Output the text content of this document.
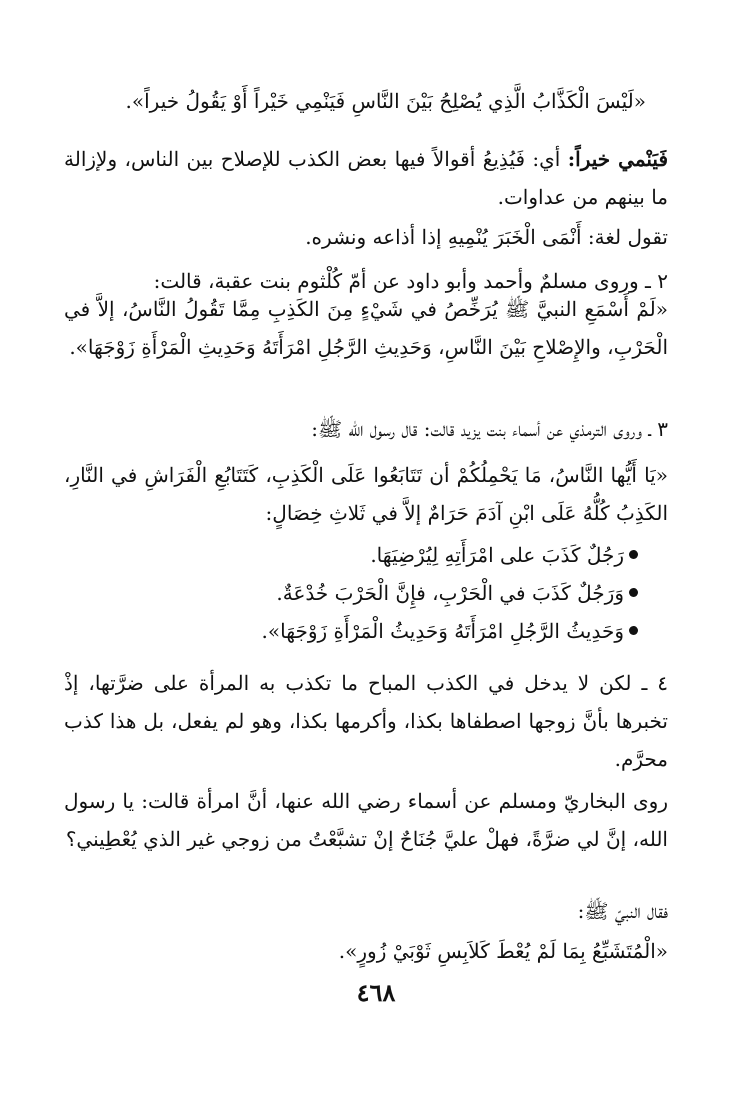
«لَيْسَ الْكَذَّابُ الَّذِي يُصْلِحُ بَيْنَ النَّاسِ فَيَنْمِي خَيْراً أَوْ يَقُولُ خيراً».
فَيَنْمي خيراً: أي: فَيُذِيعُ أقوالاً فيها بعض الكذب للإصلاح بين الناس، ولإزالة ما بينهم من عداوات.
تقول لغة: أَنْمَى الْخَبَرَ يُنْمِيهِ إذا أذاعه ونشره.
٢ ـ وروى مسلمٌ وأحمد وأبو داود عن أمّ كُلْثوم بنت عقبة، قالت:
«لَمْ أَسْمَعِ النبيَّ ﷺ يُرَخِّصُ في شَيْءٍ مِنَ الكَذِبِ مِمَّا تَقُولُ النَّاسُ، إلاَّ في الْحَرْبِ، والإِصْلاحِ بَيْنَ النَّاسِ، وَحَدِيثِ الرَّجُلِ امْرَأَتَهُ وَحَدِيثِ الْمَرْأَةِ زَوْجَهَا».
٣ ـ وروى الترمذي عن أسماء بنت يزيد قالت: قال رسول الله ﷺ:
«يَا أَيُّها النَّاسُ، مَا يَحْمِلُكُمْ أن تَتَابَعُوا عَلَى الْكَذِبِ، كَتَتَابُعِ الْفَرَاشِ في النَّارِ، الكَذِبُ كُلُّهُ عَلَى ابْنِ آدَمَ حَرَامٌ إلاَّ في ثَلاثِ خِصَالٍ:
رَجُلٌ كَذَبَ على امْرَأَتِهِ لِيُرْضِيَهَا.
وَرَجُلٌ كَذَبَ في الْحَرْبِ، فإِنَّ الْحَرْبَ خُدْعَةٌ.
وَحَدِيثُ الرَّجُلِ امْرَأَتَهُ وَحَدِيثُ الْمَرْأَةِ زَوْجَهَا».
٤ ـ لكن لا يدخل في الكذب المباح ما تكذب به المرأة على ضرَّتها، إذْ تخبرها بأنَّ زوجها اصطفاها بكذا، وأكرمها بكذا، وهو لم يفعل، بل هذا كذب محرَّم.
روى البخاريّ ومسلم عن أسماء رضي الله عنها، أنَّ امرأة قالت: يا رسول الله، إنَّ لي ضرَّةً، فهلْ عليَّ جُنَاحٌ إنْ تشبَّعْتُ من زوجي غير الذي يُعْطِيني؟
فقال النبيّ ﷺ:
«الْمُتَشَبِّعُ بِمَا لَمْ يُعْطَ كَلاَبِسِ ثَوْبَيْ زُورٍ».
٤٦٨
